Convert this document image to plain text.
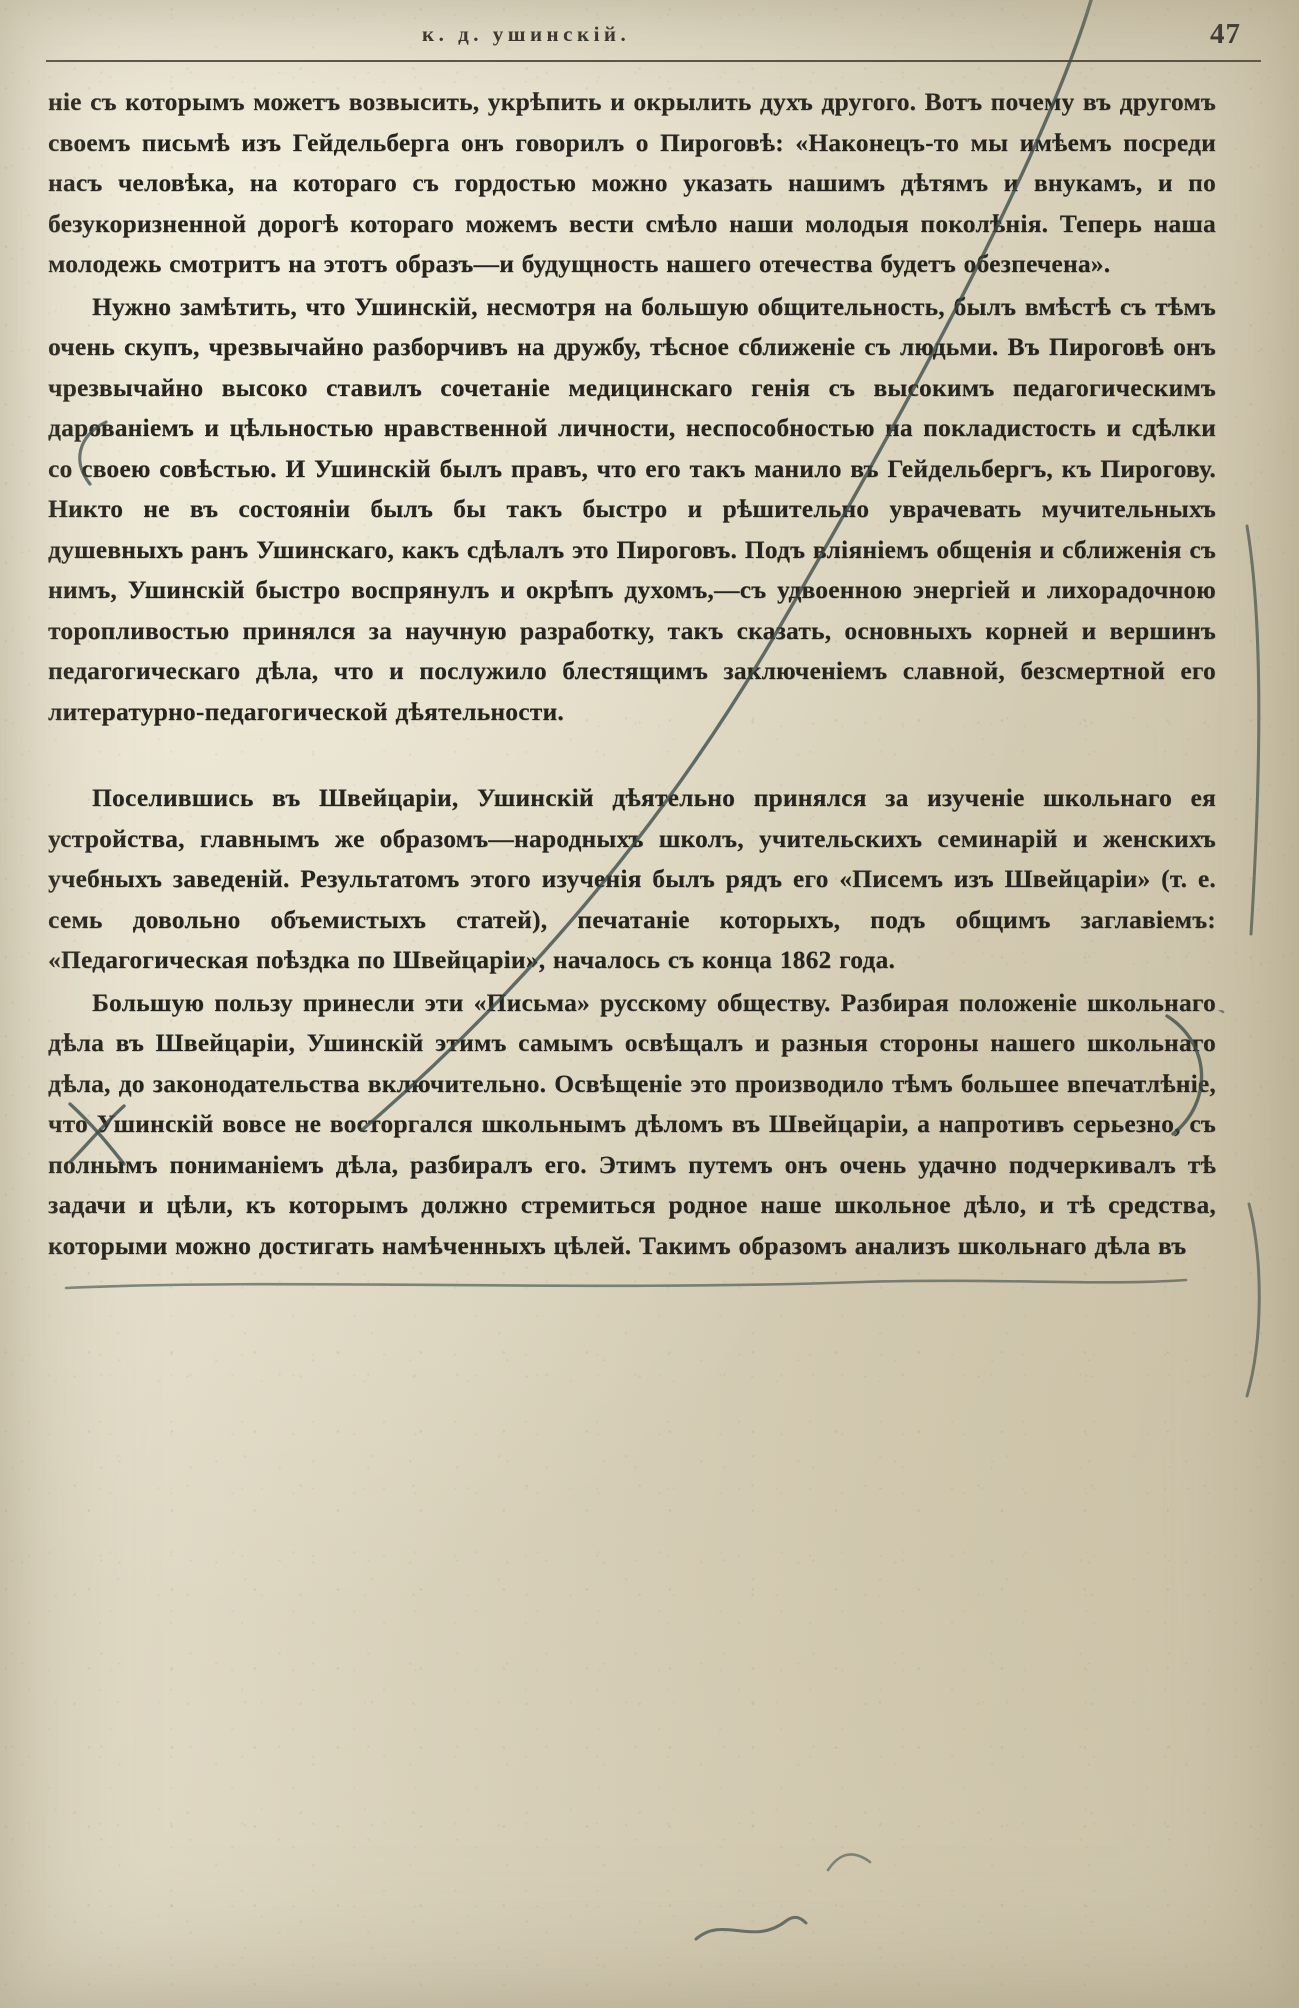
к. д. ушинскiй.	47

нiе съ которымъ можетъ возвысить, укрѣпить и окрылить духъ другого. Вотъ почему въ другомъ своемъ письмѣ изъ Гейдельберга онъ говорилъ о Пироговѣ: «Наконецъ-то мы имѣемъ посреди насъ человѣка, на котораго съ гордостью можно указать нашимъ дѣтямъ и внукамъ, и по безукоризненной дорогѣ котораго можемъ вести смѣло наши молодыя поколѣнiя. Теперь наша молодежь смотритъ на этотъ образъ—и будущность нашего отечества будетъ обезпечена».

Нужно замѣтить, что Ушинскiй, несмотря на большую общительность, былъ вмѣстѣ съ тѣмъ очень скупъ, чрезвычайно разборчивъ на дружбу, тѣсное сближенiе съ людьми. Въ Пироговѣ онъ чрезвычайно высоко ставилъ сочетанiе медицинскаго генiя съ высокимъ педагогическимъ дарованiемъ и цѣльностью нравственной личности, неспособностью на покладистость и сдѣлки со своею совѣстью. И Ушинскiй былъ правъ, что его такъ манило въ Гейдельбергъ, къ Пирогову. Никто не въ состоянiи былъ бы такъ быстро и рѣшительно уврачевать мучительныхъ душевныхъ ранъ Ушинскаго, какъ сдѣлалъ это Пироговъ. Подъ влiянiемъ общенiя и сближенiя съ нимъ, Ушинскiй быстро воспрянулъ и окрѣпъ духомъ,—съ удвоенною энергiей и лихорадочною торопливостью принялся за научную разработку, такъ сказать, основныхъ корней и вершинъ педагогическаго дѣла, что и послужило блестящимъ заключенiемъ славной, безсмертной его литературно-педагогической дѣятельности.

Поселившись въ Швейцарiи, Ушинскiй дѣятельно принялся за изученiе школьнаго ея устройства, главнымъ же образомъ—народныхъ школъ, учительскихъ семинарiй и женскихъ учебныхъ заведенiй. Результатомъ этого изученiя былъ рядъ его «Писемъ изъ Швейцарiи» (т. е. семь довольно объемистыхъ статей), печатанiе которыхъ, подъ общимъ заглавiемъ: «Педагогическая поѣздка по Швейцарiи», началось съ конца 1862 года.

Большую пользу принесли эти «Письма» русскому обществу. Разбирая положенiе школьнаго дѣла въ Швейцарiи, Ушинскiй этимъ самымъ освѣщалъ и разныя стороны нашего школьнаго дѣла, до законодательства включительно. Освѣщенiе это производило тѣмъ большее впечатлѣнiе, что Ушинскiй вовсе не восторгался школьнымъ дѣломъ въ Швейцарiи, а напротивъ серьезно, съ полнымъ пониманiемъ дѣла, разбиралъ его. Этимъ путемъ онъ очень удачно подчеркивалъ тѣ задачи и цѣли, къ которымъ должно стремиться родное наше школьное дѣло, и тѣ средства, которыми можно достигать намѣченныхъ цѣлей. Такимъ образомъ анализъ школьнаго дѣла въ
